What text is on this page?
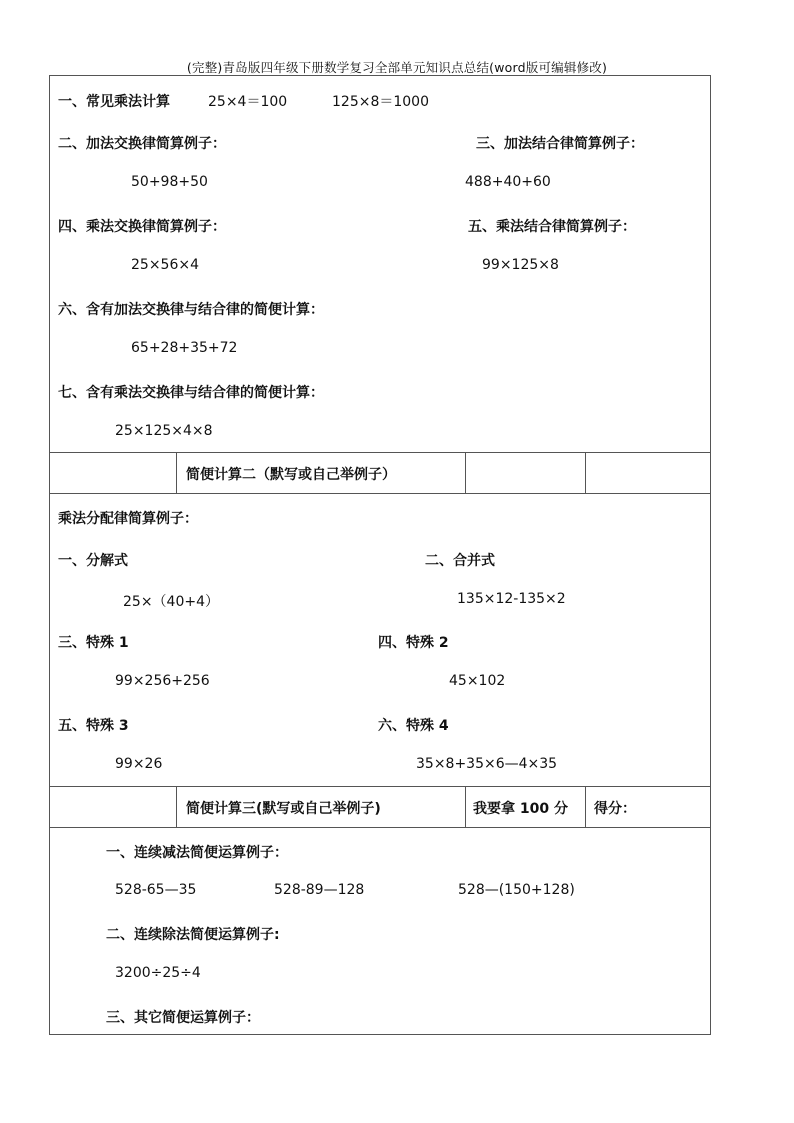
(完整)青岛版四年级下册数学复习全部单元知识点总结(word版可编辑修改)
一、常见乘法计算	25×4＝100	125×8＝1000
二、加法交换律简算例子：	三、加法结合律简算例子：
50+98+50	488+40+60
四、乘法交换律简算例子：	五、乘法结合律简算例子：
25×56×4	99×125×8
六、含有加法交换律与结合律的简便计算：
65+28+35+72
七、含有乘法交换律与结合律的简便计算：
25×125×4×8
简便计算二（默写或自己举例子）
乘法分配律简算例子：
一、分解式	二、合并式
25×（40+4）	135×12-135×2
三、特殊 1	四、特殊 2
99×256+256	45×102
五、特殊 3	六、特殊 4
99×26	35×8+35×6—4×35
简便计算三(默写或自己举例子)	我要拿 100 分 得分：
一、连续减法简便运算例子：
528-65—35	528-89—128	528—(150+128)
二、连续除法简便运算例子:
3200÷25÷4
三、其它简便运算例子：
